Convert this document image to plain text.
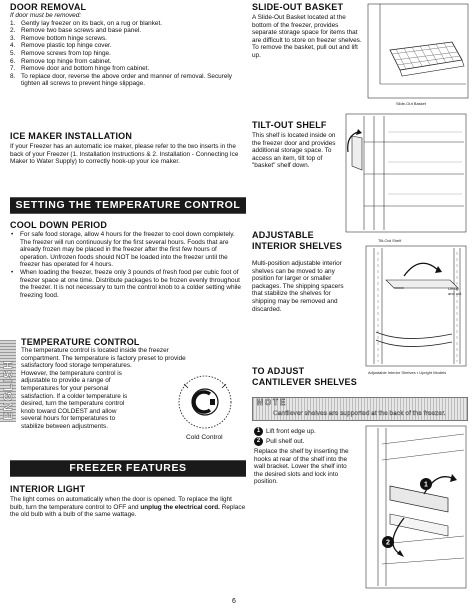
DOOR REMOVAL

If door must be removed:

1. Gently lay freezer on its back, on a rug or blanket.
2. Remove two base screws and base panel.
3. Remove bottom hinge screws.
4. Remove plastic top hinge cover.
5. Remove screws from top hinge.
6. Remove top hinge from cabinet.
7. Remove door and bottom hinge from cabinet.
8. To replace door, reverse the above order and manner of removal. Securely tighten all screws to prevent hinge slippage.

ICE MAKER INSTALLATION

If your Freezer has an automatic ice maker, please refer to the two inserts in the back of your Freezer (1. Installation Instructions & 2. Installation - Connecting Ice Maker to Water Supply) to correctly hook-up your ice maker.

SETTING THE TEMPERATURE CONTROL

COOL DOWN PERIOD

• For safe food storage, allow 4 hours for the freezer to cool down completely. The freezer will run continuously for the first several hours. Foods that are already frozen may be placed in the freezer after the first few hours of operation. Unfrozen foods should NOT be loaded into the freezer until the freezer has operated for 4 hours.
• When loading the freezer, freeze only 3 pounds of fresh food per cubic foot of freezer space at one time. Distribute packages to be frozen evenly throughout the freezer. It is not necessary to turn the control knob to a colder setting while freezing food.
ENGLISH

TEMPERATURE CONTROL

The temperature control is located inside the freezer
compartment. The temperature is factory preset to provide
satisfactory food storage temperatures.
However, the temperature control is
adjustable to provide a range of
temperatures for your personal
satisfaction. If a colder temperature is
desired, turn the temperature control
knob toward COLDEST and allow
several hours for temperatures to
stabilize between adjustments.

Cold Control
FREEZER FEATURES

INTERIOR LIGHT

The light comes on automatically when the door is opened. To replace the light bulb, turn the temperature control to OFF and unplug the electrical cord. Replace the old bulb with a bulb of the same wattage.

SLIDE-OUT BASKET

A Slide-Out Basket located at the bottom of the freezer, provides separate storage space for items that are difficult to store on freezer shelves. To remove the basket, pull out and lift up.

Slide-Out Basket

TILT-OUT SHELF

This shelf is located inside on the freezer door and provides additional storage space. To access an item, tilt top of "basket" shelf down.

Tilt-Out Shelf

ADJUSTABLE INTERIOR SHELVES

Multi-position adjustable interior shelves can be moved to any position for larger or smaller packages. The shipping spacers that stabilize the shelves for shipping may be removed and discarded.

Lift up and out
Adjustable Interior Shelves • Upright Models

TO ADJUST CANTILEVER SHELVES

NOTE
Cantilever shelves are supported at the back of the freezer.
1 Lift front edge up.
2 Pull shelf out.

Replace the shelf by inserting the hooks at rear of the shelf into the wall bracket. Lower the shelf into the desired slots and lock into position.	1
2
6
